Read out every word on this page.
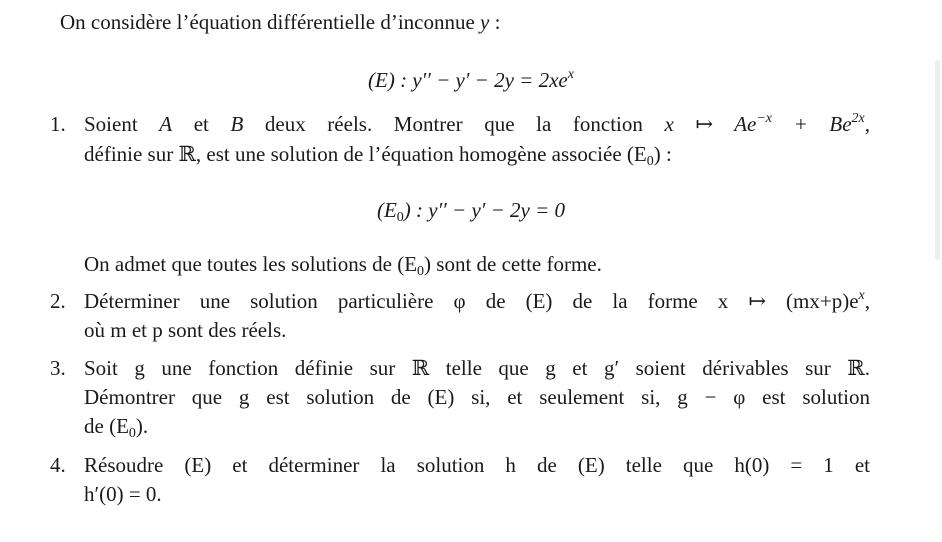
On considère l’équation différentielle d’inconnue y :
(E) : $y'' - y' - 2y = 2xe^x$
1. Soient A et B deux réels. Montrer que la fonction x ↦ $Ae^{-x} + Be^{2x}$,
définie sur ℝ, est une solution de l’équation homogène associée $(E_0)$ :
$(E_0)$ : y′′ − y′ − 2y = 0
On admet que toutes les solutions de $(E_0)$ sont de cette forme.
2. Déterminer une solution particulière φ de (E) de la forme x ↦ $(mx+p)e^x$,
où m et p sont des réels.
3. Soit g une fonction définie sur ℝ telle que g et g′ soient dérivables sur ℝ.
Démontrer que g est solution de (E) si, et seulement si, g − φ est solution
de $(E_0)$.
4. Résoudre (E) et déterminer la solution h de (E) telle que h(0) = 1 et
h′(0) = 0.
